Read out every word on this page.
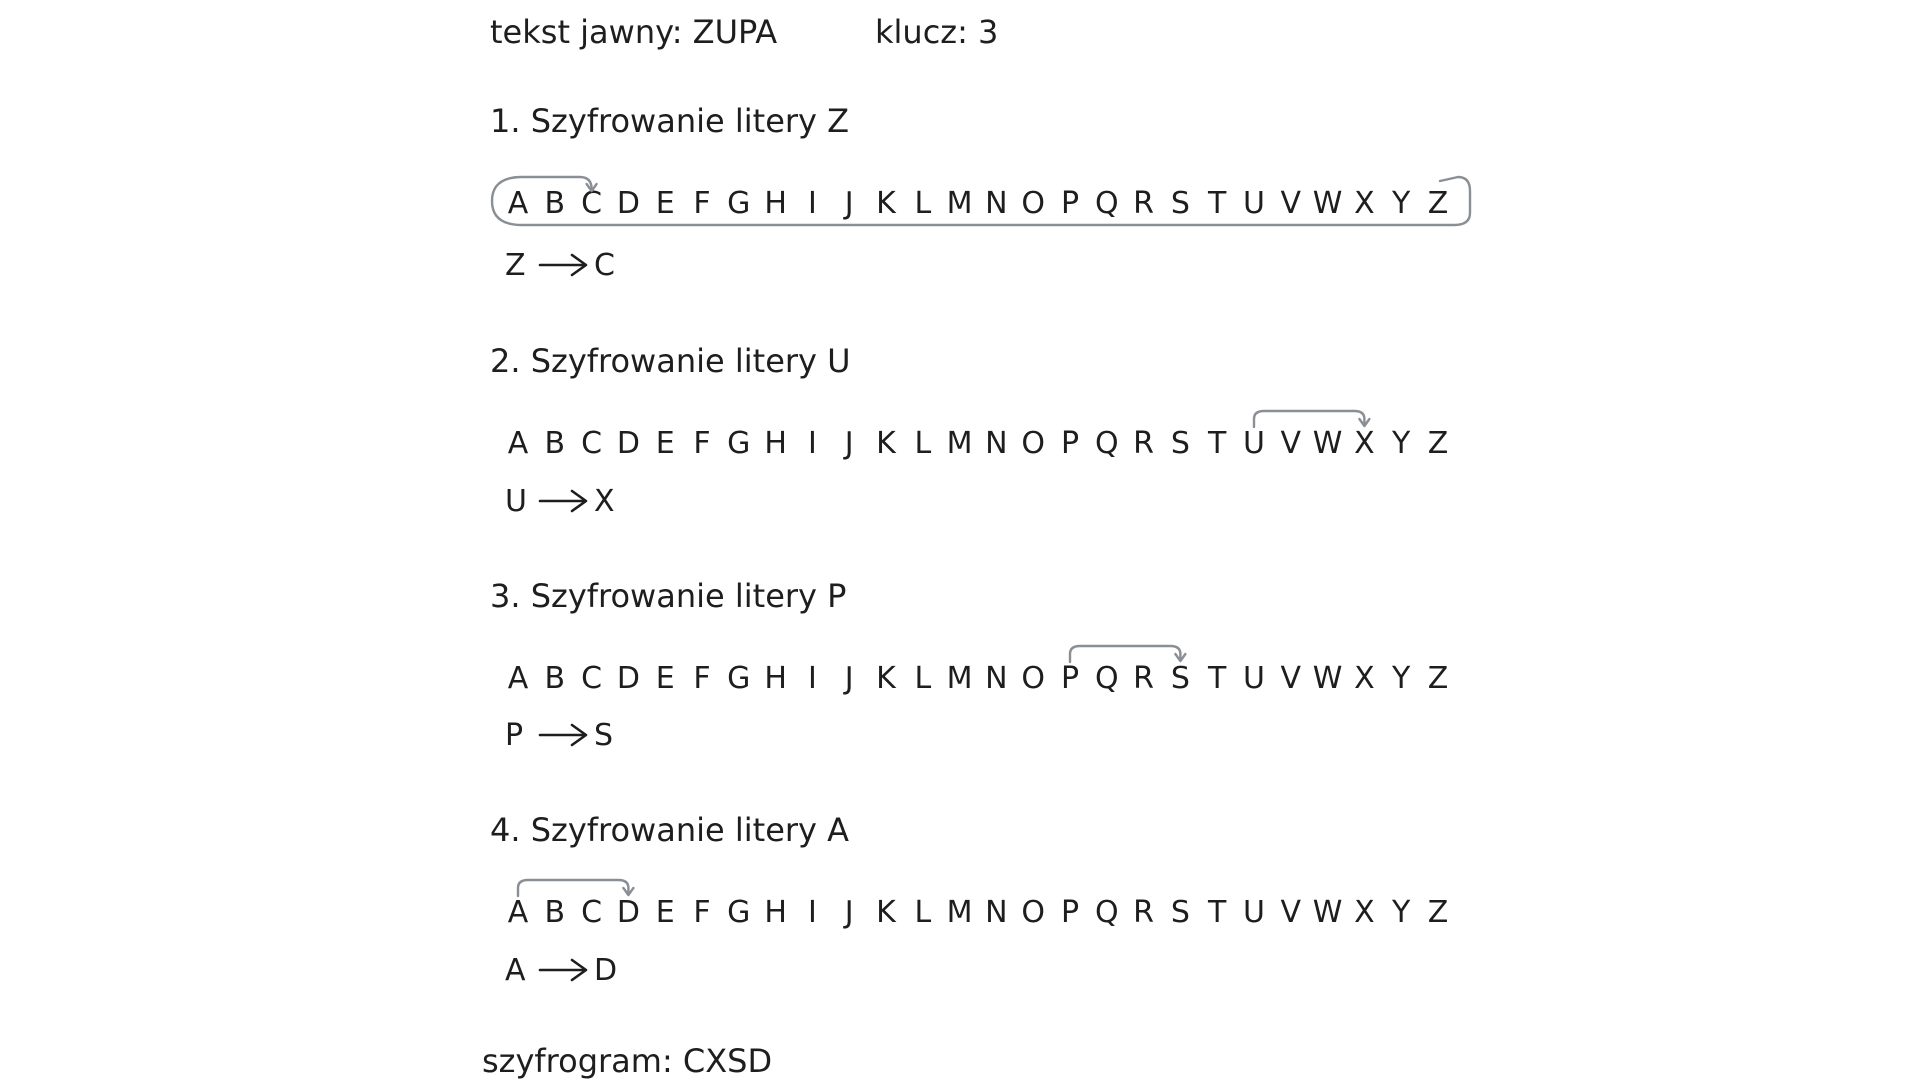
tekst jawny: ZUPA	klucz: 3
1. Szyfrowanie litery Z
A B C D E F G H I J K L M N O P Q R S T U V W X Y Z
Z C
2. Szyfrowanie litery U
A B C D E F G H I J K L M N O P Q R S T U V W X Y Z
U X
3. Szyfrowanie litery P
A B C D E F G H I J K L M N O P Q R S T U V W X Y Z
P S
4. Szyfrowanie litery A
A B C D E F G H I J K L M N O P Q R S T U V W X Y Z
A D
szyfrogram: CXSD
